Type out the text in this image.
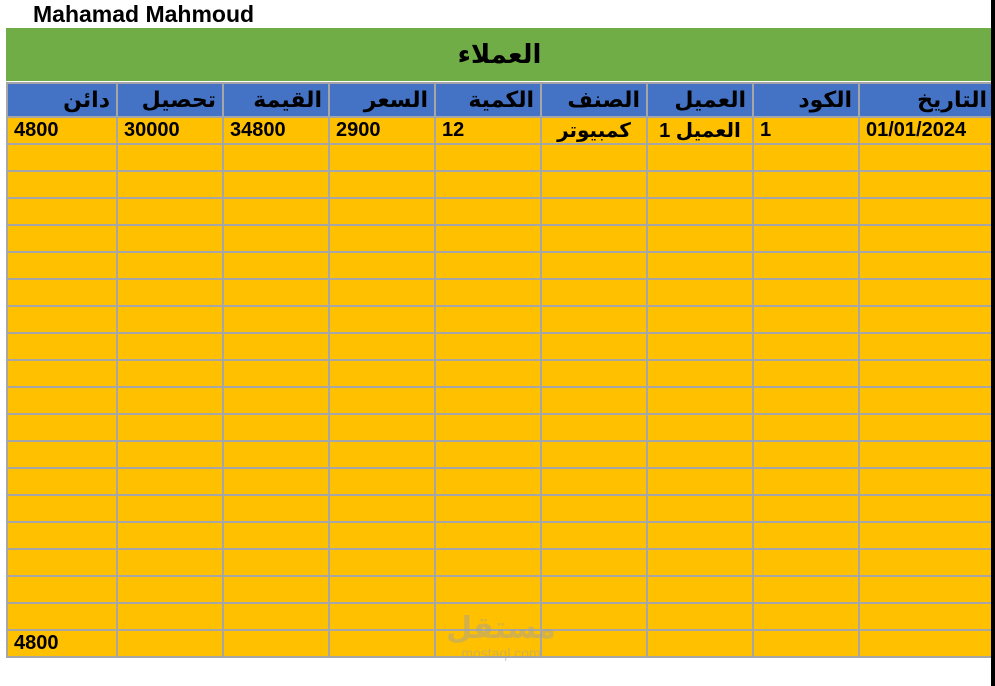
Mahamad Mahmoud
العملاء
التاريخ	الكود	العميل	الصنف	الكمية	السعر	القيمة	تحصيل	دائن
01/01/2024	1	العميل 1	كمبيوتر	12	2900	34800	30000	4800

								4800	مستقل
mostaql.com
